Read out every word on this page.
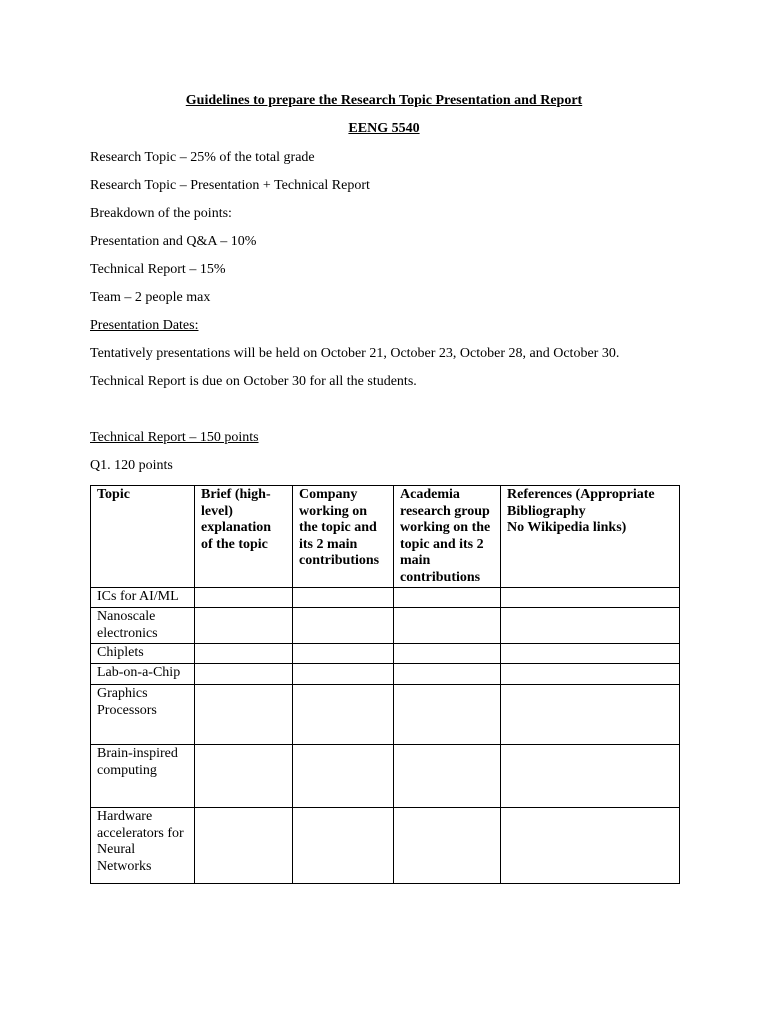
Guidelines to prepare the Research Topic Presentation and Report
EENG 5540
Research Topic – 25% of the total grade
Research Topic – Presentation + Technical Report
Breakdown of the points:
Presentation and Q&A – 10%
Technical Report – 15%
Team – 2 people max
Presentation Dates:
Tentatively presentations will be held on October 21, October 23, October 28, and October 30.
Technical Report is due on October 30 for all the students.
Technical Report – 150 points
Q1. 120 points
Topic	Brief (high-level) explanation of the topic	Company working on the topic and its 2 main contributions	Academia research group working on the topic and its 2 main contributions	References (Appropriate Bibliography
No Wikipedia links)
ICs for AI/ML				
Nanoscale electronics				
Chiplets				
Lab-on-a-Chip				
Graphics Processors				
Brain-inspired computing				
Hardware accelerators for Neural Networks				
